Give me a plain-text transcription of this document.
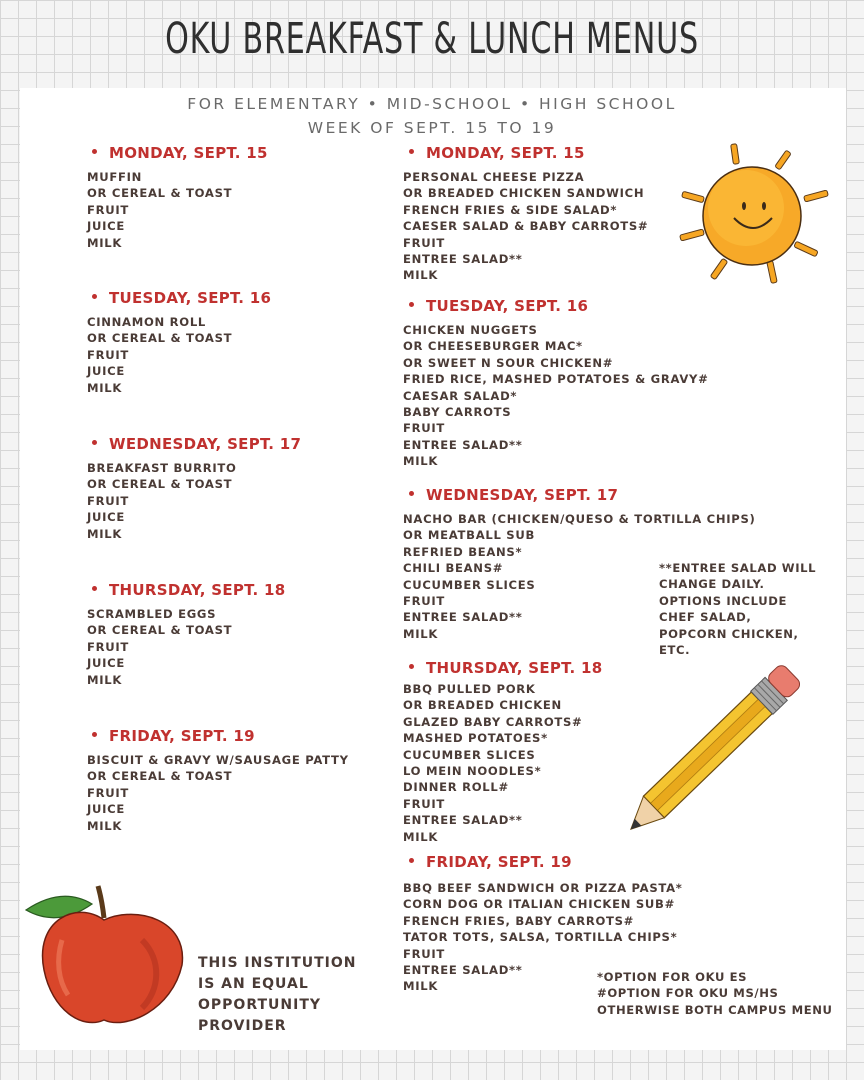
OKU BREAKFAST & LUNCH MENUS
FOR ELEMENTARY • MID-SCHOOL • HIGH SCHOOL
WEEK OF SEPT. 15 TO 19
MONDAY, SEPT. 15
MUFFIN
OR CEREAL & TOAST
FRUIT
JUICE
MILK
TUESDAY, SEPT. 16
CINNAMON ROLL
OR CEREAL & TOAST
FRUIT
JUICE
MILK
WEDNESDAY, SEPT. 17
BREAKFAST BURRITO
OR CEREAL & TOAST
FRUIT
JUICE
MILK
THURSDAY, SEPT. 18
SCRAMBLED EGGS
OR CEREAL & TOAST
FRUIT
JUICE
MILK
FRIDAY, SEPT. 19
BISCUIT & GRAVY W/SAUSAGE PATTY
OR CEREAL & TOAST
FRUIT
JUICE
MILK
MONDAY, SEPT. 15
PERSONAL CHEESE PIZZA
OR BREADED CHICKEN SANDWICH
FRENCH FRIES & SIDE SALAD*
CAESER SALAD & BABY CARROTS#
FRUIT
ENTREE SALAD**
MILK
TUESDAY, SEPT. 16
CHICKEN NUGGETS
OR CHEESEBURGER MAC*
OR SWEET N SOUR CHICKEN#
FRIED RICE, MASHED POTATOES & GRAVY#
CAESAR SALAD*
BABY CARROTS
FRUIT
ENTREE SALAD**
MILK
WEDNESDAY, SEPT. 17
NACHO BAR (CHICKEN/QUESO & TORTILLA CHIPS)
OR MEATBALL SUB
REFRIED BEANS*
CHILI BEANS#
CUCUMBER SLICES
FRUIT
ENTREE SALAD**
MILK
THURSDAY, SEPT. 18
BBQ PULLED PORK
OR BREADED CHICKEN
GLAZED BABY CARROTS#
MASHED POTATOES*
CUCUMBER SLICES
LO MEIN NOODLES*
DINNER ROLL#
FRUIT
ENTREE SALAD**
MILK
FRIDAY, SEPT. 19
BBQ BEEF SANDWICH OR PIZZA PASTA*
CORN DOG OR ITALIAN CHICKEN SUB#
FRENCH FRIES, BABY CARROTS#
TATOR TOTS, SALSA, TORTILLA CHIPS*
FRUIT
ENTREE SALAD**
MILK
**ENTREE SALAD WILL
CHANGE DAILY.
OPTIONS INCLUDE
CHEF SALAD,
POPCORN CHICKEN,
ETC.
*OPTION FOR OKU ES
#OPTION FOR OKU MS/HS
OTHERWISE BOTH CAMPUS MENU
THIS INSTITUTION
IS AN EQUAL
OPPORTUNITY
PROVIDER
